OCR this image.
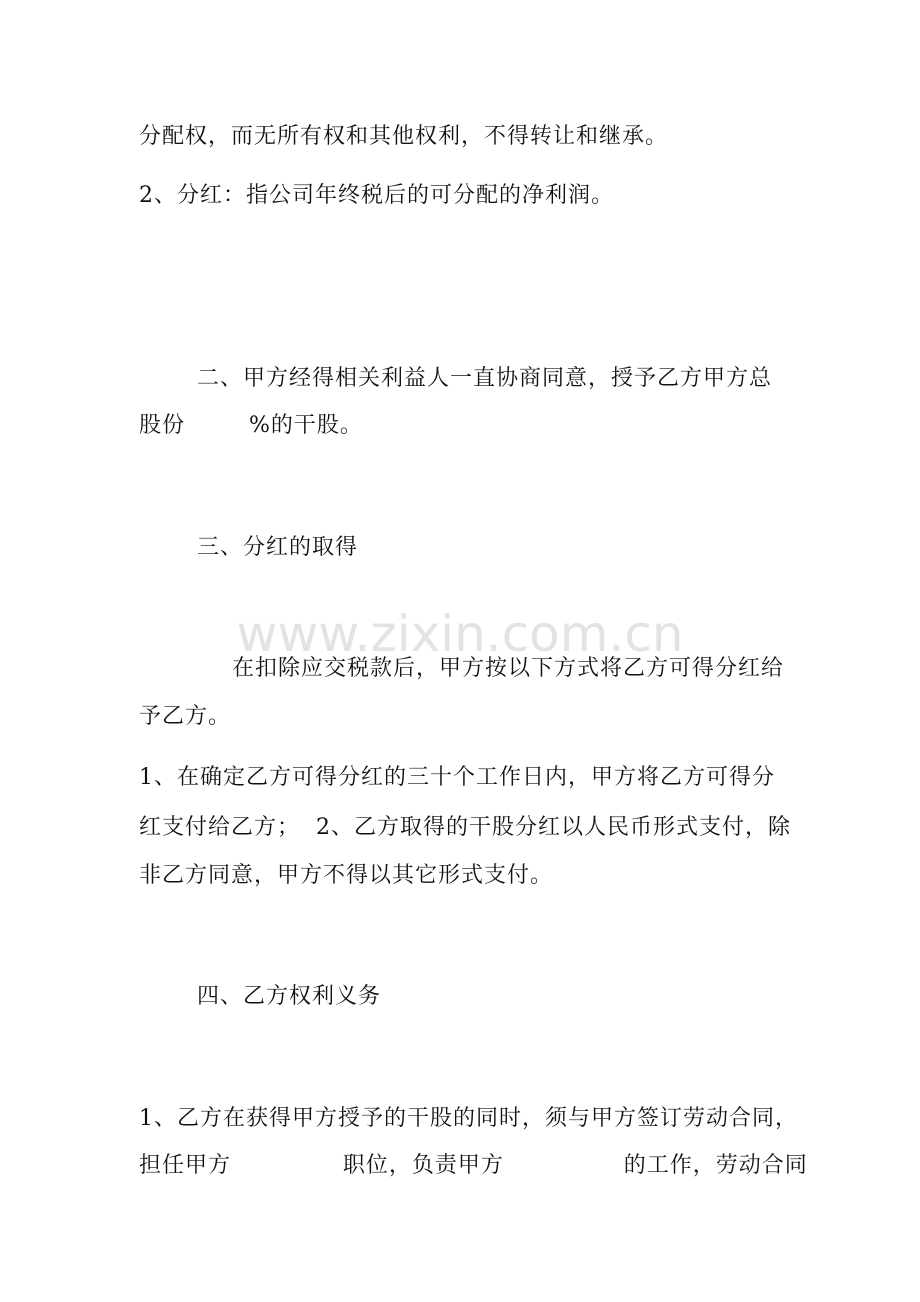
www.zixin.com.cn
分配权，而无所有权和其他权利，不得转让和继承。
2、分红：指公司年终税后的可分配的净利润。
二、甲方经得相关利益人一直协商同意，授予乙方甲方总
股份        %的干股。
三、分红的取得
在扣除应交税款后，甲方按以下方式将乙方可得分红给
予乙方。
1、在确定乙方可得分红的三十个工作日内，甲方将乙方可得分
红支付给乙方；  2、乙方取得的干股分红以人民币形式支付，除
非乙方同意，甲方不得以其它形式支付。
四、乙方权利义务
1、乙方在获得甲方授予的干股的同时，须与甲方签订劳动合同，
担任甲方              职位，负责甲方               的工作，劳动合同
